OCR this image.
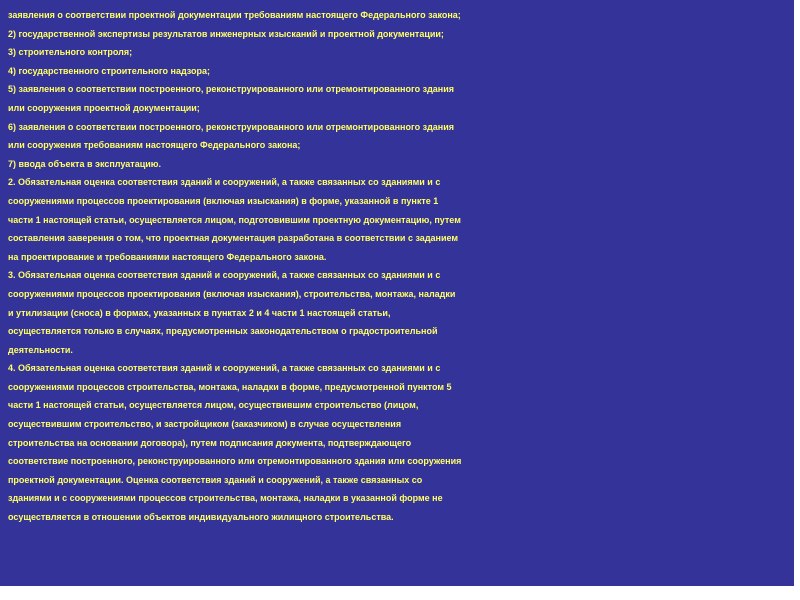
заявления о соответствии проектной документации требованиям настоящего Федерального закона;
2) государственной экспертизы результатов инженерных изысканий и проектной документации;
3) строительного контроля;
4) государственного строительного надзора;
5) заявления о соответствии построенного, реконструированного или отремонтированного здания
или сооружения проектной документации;
6) заявления о соответствии построенного, реконструированного или отремонтированного здания
или сооружения требованиям настоящего Федерального закона;
7) ввода объекта в эксплуатацию.
2. Обязательная оценка соответствия зданий и сооружений, а также связанных со зданиями и с
сооружениями процессов проектирования (включая изыскания) в форме, указанной в пункте 1
части 1 настоящей статьи, осуществляется лицом, подготовившим проектную документацию, путем
составления заверения о том, что проектная документация разработана в соответствии с заданием
на проектирование и требованиями настоящего Федерального закона.
3. Обязательная оценка соответствия зданий и сооружений, а также связанных со зданиями и с
сооружениями процессов проектирования (включая изыскания), строительства, монтажа, наладки
и утилизации (сноса) в формах, указанных в пунктах 2 и 4 части 1 настоящей статьи,
осуществляется только в случаях, предусмотренных законодательством о градостроительной
деятельности.
4. Обязательная оценка соответствия зданий и сооружений, а также связанных со зданиями и с
сооружениями процессов строительства, монтажа, наладки в форме, предусмотренной пунктом 5
части 1 настоящей статьи, осуществляется лицом, осуществившим строительство (лицом,
осуществившим строительство, и застройщиком (заказчиком) в случае осуществления
строительства на основании договора), путем подписания документа, подтверждающего
соответствие построенного, реконструированного или отремонтированного здания или сооружения
проектной документации. Оценка соответствия зданий и сооружений, а также связанных со
зданиями и с сооружениями процессов строительства, монтажа, наладки в указанной форме не
осуществляется в отношении объектов индивидуального жилищного строительства.
